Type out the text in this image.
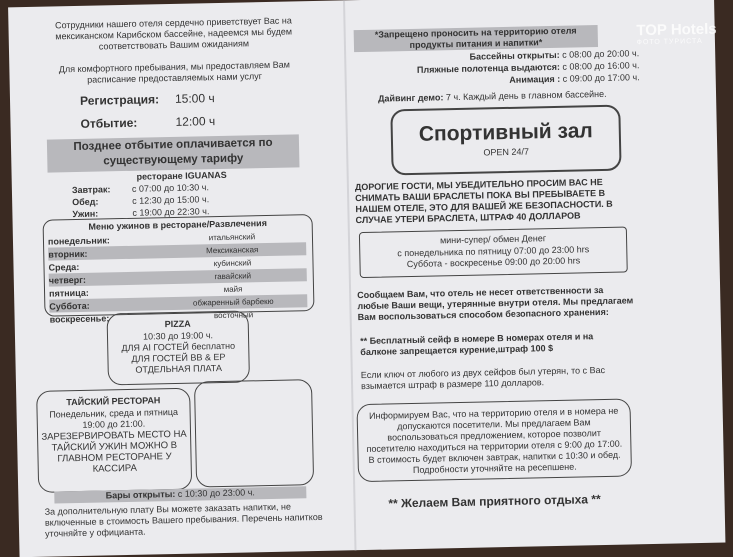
Сотрудники нашего отеля сердечно приветствует Вас на мексиканском Карибском бассейне, надеемся мы будем соответствовать Вашим ожиданиям
Для комфортного пребывания, мы предоставляем Вам расписание предоставляемых нами услуг
Регистрация: 15:00 ч
Отбытие:	12:00 ч
Позднее отбытие оплачивается по существующему тарифу
ресторане IGUANAS
Завтрак:	с 07:00 до 10:30 ч.
Обед:	с 12:30 до 15:00 ч.
Ужин:	с 19:00 до 22:30 ч.
Меню ужинов в ресторане/Развлечения
понедельник:	итальянский
вторник:	Мексиканская
Среда:	кубинский
четверг:	гавайский
пятница:	майя
Суббота:	обжаренный барбекю
воскресенье:	восточный
PIZZA
10:30 до 19:00 ч.
ДЛЯ AI ГОСТЕЙ бесплатно
ДЛЯ ГОСТЕЙ BB & EP ОТДЕЛЬНАЯ ПЛАТА
ТАЙСКИЙ РЕСТОРАН
Понедельник, среда и пятница 19:00 до 21:00.
ЗАРЕЗЕРВИРОВАТЬ МЕСТО НА ТАЙСКИЙ УЖИН МОЖНО В ГЛАВНОМ РЕСТОРАНЕ У КАССИРА
Бары открыты: с 10:30 до 23:00 ч.
За дополнительную плату Вы можете заказать напитки, не включенные в стоимость Вашего пребывания. Перечень напитков уточняйте у официанта.
*Запрещено проносить на территорию отеля продукты питания и напитки*
Бассейны открыты: с 08:00 до 20:00 ч.
Пляжные полотенца выдаются: с 08:00 до 16:00 ч.
Анимация : с 09:00 до 17:00 ч.
Дайвинг демо: 7 ч. Каждый день в главном бассейне.
Спортивный зал
OPEN 24/7
ДОРОГИЕ ГОСТИ, МЫ УБЕДИТЕЛЬНО ПРОСИМ ВАС НЕ СНИМАТЬ ВАШИ БРАСЛЕТЫ ПОКА ВЫ ПРЕБЫВАЕТЕ В НАШЕМ ОТЕЛЕ, ЭТО ДЛЯ ВАШЕЙ ЖЕ БЕЗОПАСНОСТИ. В СЛУЧАЕ УТЕРИ БРАСЛЕТА, ШТРАФ 40 ДОЛЛАРОВ
мини-супер/ обмен Денег
с понедельника по пятницу 07:00 до 23:00 hrs
Суббота - воскресенье 09:00 до 20:00 hrs
Сообщаем Вам, что отель не несет ответственности за любые Ваши вещи, утерянные внутри отеля. Мы предлагаем Вам воспользоваться способом безопасного хранения:
** Бесплатный сейф в номере В номерах отеля и на балконе запрещается курение,штраф 100 $
Если ключ от любого из двух сейфов был утерян, то с Вас взымается штраф в размере 110 долларов.
Информируем Вас, что на территорию отеля и в номера не допускаются посетители. Мы предлагаем Вам воспользоваться предложением, которое позволит посетителю находиться на территории отеля с 9:00 до 17:00. В стоимость будет включен завтрак, напитки с 10:30 и обед. Подробности уточняйте на ресепшене.
** Желаем Вам приятного отдыха **
TOP Hotels
ФОТО ТУРИСТА
